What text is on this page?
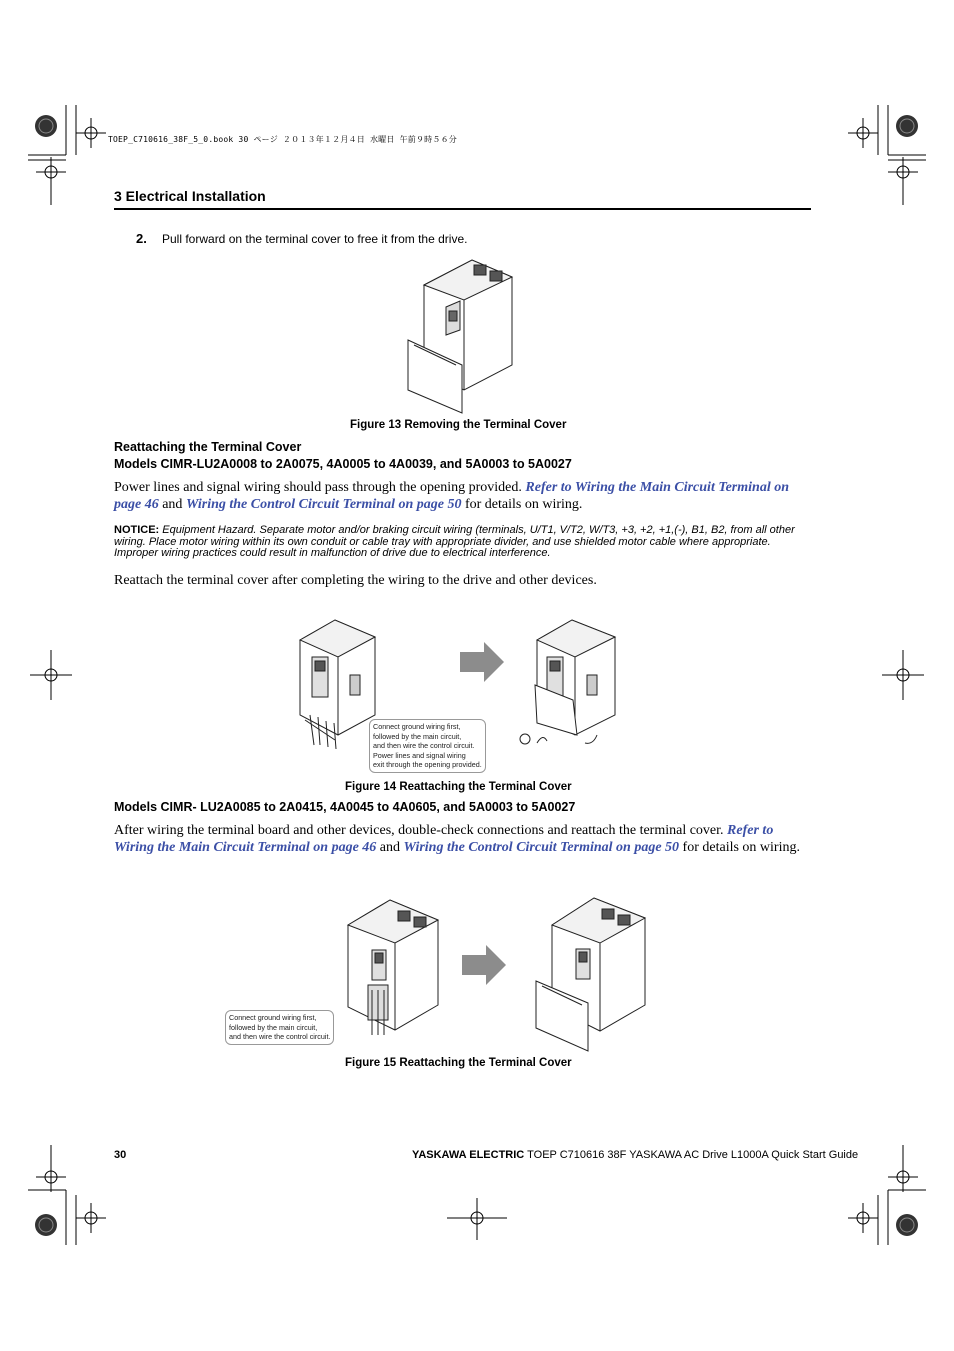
TOEP_C710616_38F_5_0.book 30 ページ ２０１３年１２月４日 水曜日 午前９時５６分
3 Electrical Installation
2. Pull forward on the terminal cover to free it from the drive.
Figure 13 Removing the Terminal Cover
Reattaching the Terminal Cover
Models CIMR-LU2A0008 to 2A0075, 4A0005 to 4A0039, and 5A0003 to 5A0027
Power lines and signal wiring should pass through the opening provided. Refer to Wiring the Main Circuit Terminal on page 46 and Wiring the Control Circuit Terminal on page 50 for details on wiring.
NOTICE: Equipment Hazard. Separate motor and/or braking circuit wiring (terminals, U/T1, V/T2, W/T3, +3, +2, +1,(-), B1, B2, from all other wiring. Place motor wiring within its own conduit or cable tray with appropriate divider, and use shielded motor cable where appropriate. Improper wiring practices could result in malfunction of drive due to electrical interference.
Reattach the terminal cover after completing the wiring to the drive and other devices.
Connect ground wiring first,
followed by the main circuit,
and then wire the control circuit.
Power lines and signal wiring
exit through the opening provided.
Figure 14 Reattaching the Terminal Cover
Models CIMR- LU2A0085 to 2A0415, 4A0045 to 4A0605, and 5A0003 to 5A0027
After wiring the terminal board and other devices, double-check connections and reattach the terminal cover. Refer to Wiring the Main Circuit Terminal on page 46 and Wiring the Control Circuit Terminal on page 50 for details on wiring.
Connect ground wiring first,
followed by the main circuit,
and then wire the control circuit.
Figure 15 Reattaching the Terminal Cover
30	YASKAWA ELECTRIC TOEP C710616 38F YASKAWA AC Drive L1000A Quick Start Guide
